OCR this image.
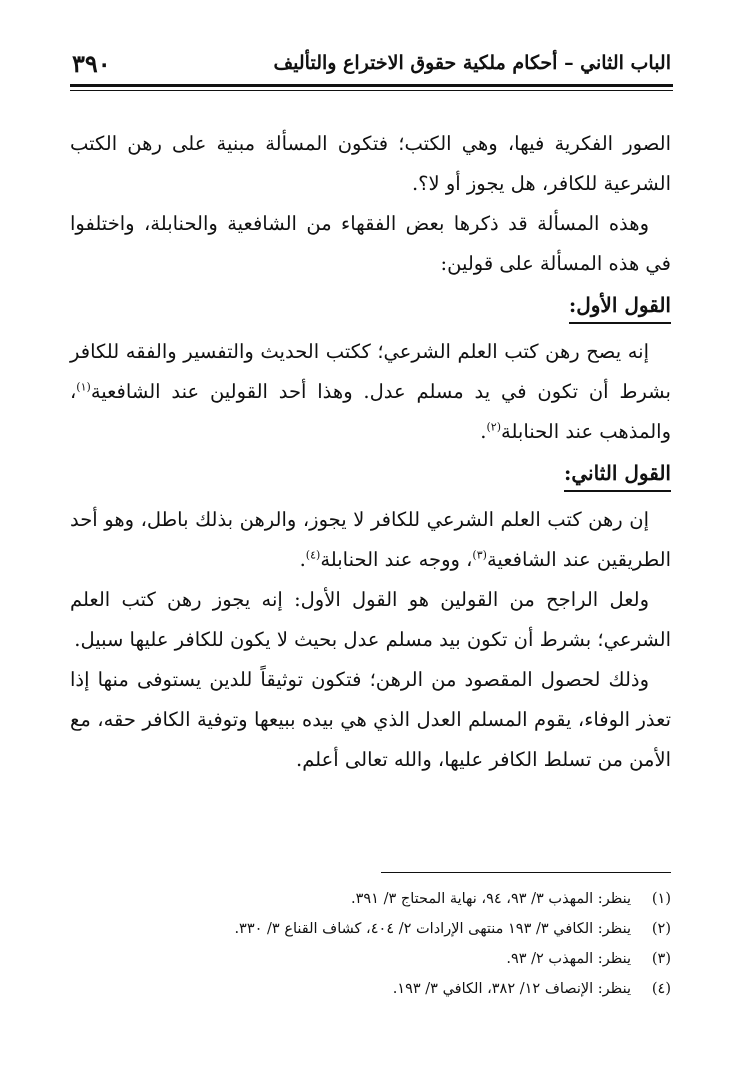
الباب الثاني – أحكام ملكية حقوق الاختراع والتأليف
٣٩٠

الصور الفكرية فيها، وهي الكتب؛ فتكون المسألة مبنية على رهن الكتب الشرعية للكافر، هل يجوز أو لا؟.

وهذه المسألة قد ذكرها بعض الفقهاء من الشافعية والحنابلة، واختلفوا في هذه المسألة على قولين:

القول الأول:

إنه يصح رهن كتب العلم الشرعي؛ ككتب الحديث والتفسير والفقه للكافر بشرط أن تكون في يد مسلم عدل. وهذا أحد القولين عند الشافعية$^{(١)}$، والمذهب عند الحنابلة$^{(٢)}$.

القول الثاني:

إن رهن كتب العلم الشرعي للكافر لا يجوز، والرهن بذلك باطل، وهو أحد الطريقين عند الشافعية$^{(٣)}$، ووجه عند الحنابلة$^{(٤)}$.

ولعل الراجح من القولين هو القول الأول: إنه يجوز رهن كتب العلم الشرعي؛ بشرط أن تكون بيد مسلم عدل بحيث لا يكون للكافر عليها سبيل.

وذلك لحصول المقصود من الرهن؛ فتكون توثيقاً للدين يستوفى منها إذا تعذر الوفاء، يقوم المسلم العدل الذي هي بيده ببيعها وتوفية الكافر حقه، مع الأمن من تسلط الكافر عليها، والله تعالى أعلم.

(١)
ينظر: المهذب ٣/ ٩٣، ٩٤، نهاية المحتاج ٣/ ٣٩١.
(٢)
ينظر: الكافي ٣/ ١٩٣ منتهى الإرادات ٢/ ٤٠٤، كشاف القناع ٣/ ٣٣٠.
(٣)
ينظر: المهذب ٢/ ٩٣.
(٤)
ينظر: الإنصاف ١٢/ ٣٨٢، الكافي ٣/ ١٩٣.
